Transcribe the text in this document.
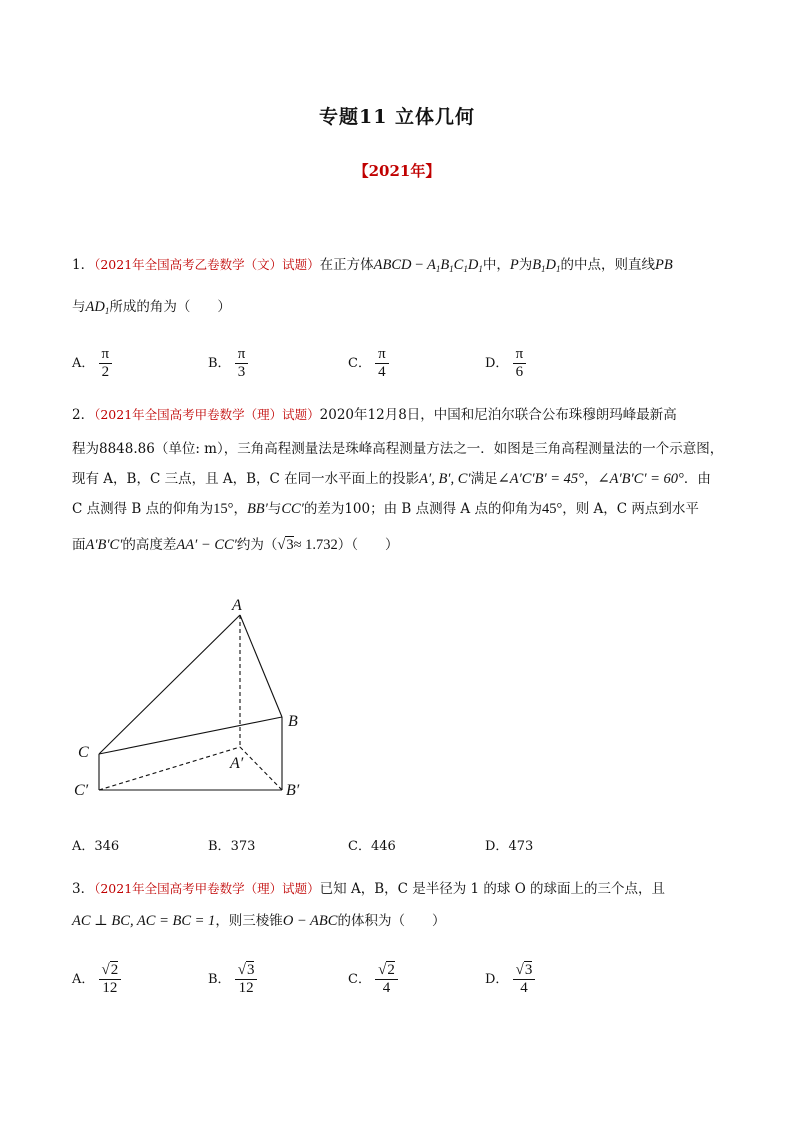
专题11 立体几何
【2021年】
1．（2021年全国高考乙卷数学（文）试题）在正方体ABCD − $A_1B_1C_1D_1$中，P为$B_1D_1$的中点，则直线PB
与$AD_1$所成的角为（　　）
A． $\frac{\pi}{2}$	B． $\frac{\pi}{3}$	C． $\frac{\pi}{4}$	D． $\frac{\pi}{6}$
2．（2021年全国高考甲卷数学（理）试题）2020年12月8日，中国和尼泊尔联合公布珠穆朗玛峰最新高
程为8848.86（单位: m），三角高程测量法是珠峰高程测量方法之一．如图是三角高程测量法的一个示意图，
现有 A，B，C 三点，且 A，B，C 在同一水平面上的投影A′, B′, C′满足∠A′C′B′ = 45°，∠A′B′C′ = 60°．由
C 点测得 B 点的仰角为15°，BB′与CC′的差为100；由 B 点测得 A 点的仰角为45°，则 A，C 两点到水平
面A′B′C′的高度差AA′ − CC′约为（√3≈ 1.732）（　　）
A
B
C
A′
B′
C′
A．346	B．373	C．446	D．473
3．（2021年全国高考甲卷数学（理）试题）已知 A，B，C 是半径为 1 的球 O 的球面上的三个点，且
AC ⊥ BC, AC = BC = 1，则三棱锥O − ABC的体积为（　　）
A． $\frac{√2}{12}$	B． $\frac{√3}{12}$	C． $\frac{√2}{4}$	D． $\frac{√3}{4}$
